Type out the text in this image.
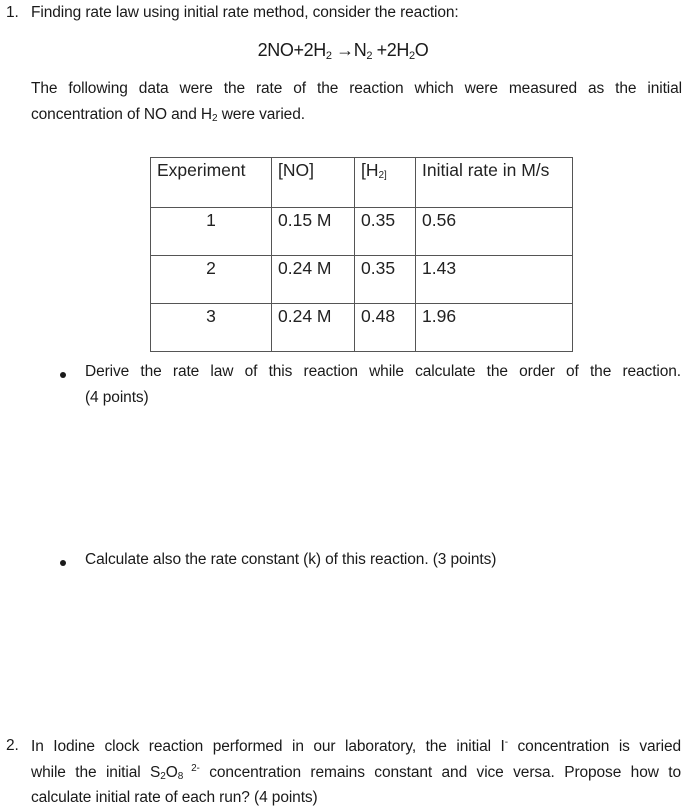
1. Finding rate law using initial rate method, consider the reaction:
$2NO+2H_2 \to N_2 +2H_2O$
The following data were the rate of the reaction which were measured as the initial
concentration of NO and $H_2$ were varied.
Experiment	[NO]	[$H_{2]}$	Initial rate in M/s
1	0.15 M	0.35	0.56
2	0.24 M	0.35	1.43
3	0.24 M	0.48	1.96
Derive the rate law of this reaction while calculate the order of the reaction.
(4 points)
Calculate also the rate constant (k) of this reaction. (3 points)
2. In Iodine clock reaction performed in our laboratory, the initial I- concentration is varied
while the initial $S_2O_8$ $^{2-}$ concentration remains constant and vice versa. Propose how to
calculate initial rate of each run? (4 points)
